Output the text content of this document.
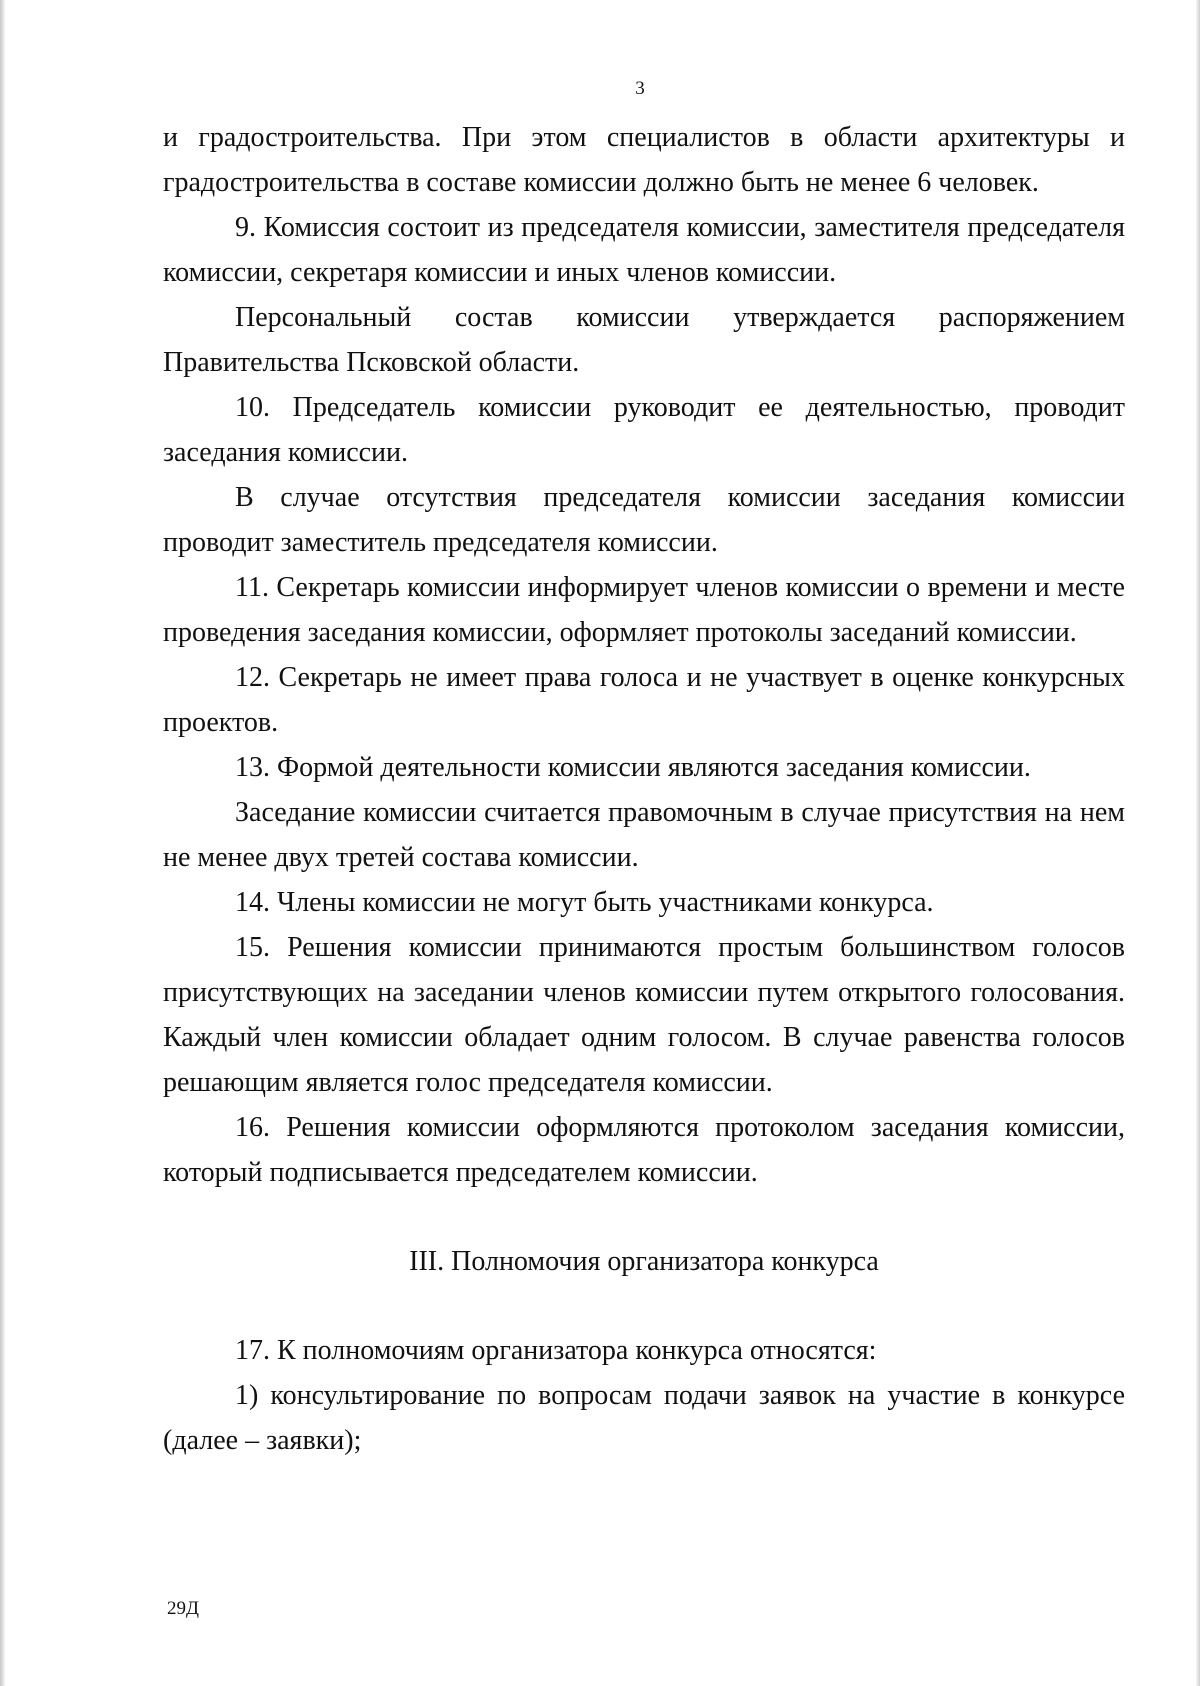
3

и градостроительства. При этом специалистов в области архитектуры и градостроительства в составе комиссии должно быть не менее 6 человек.

9. Комиссия состоит из председателя комиссии, заместителя председателя комиссии, секретаря комиссии и иных членов комиссии.

Персональный состав комиссии утверждается распоряжением Правительства Псковской области.

10. Председатель комиссии руководит ее деятельностью, проводит заседания комиссии.

В случае отсутствия председателя комиссии заседания комиссии проводит заместитель председателя комиссии.

11. Секретарь комиссии информирует членов комиссии о времени и месте проведения заседания комиссии, оформляет протоколы заседаний комиссии.

12. Секретарь не имеет права голоса и не участвует в оценке конкурсных проектов.

13. Формой деятельности комиссии являются заседания комиссии.

Заседание комиссии считается правомочным в случае присутствия на нем не менее двух третей состава комиссии.

14. Члены комиссии не могут быть участниками конкурса.

15. Решения комиссии принимаются простым большинством голосов присутствующих на заседании членов комиссии путем открытого голосования. Каждый член комиссии обладает одним голосом. В случае равенства голосов решающим является голос председателя комиссии.

16. Решения комиссии оформляются протоколом заседания комиссии, который подписывается председателем комиссии.

III. Полномочия организатора конкурса

17. К полномочиям организатора конкурса относятся:

1) консультирование по вопросам подачи заявок на участие в конкурсе (далее – заявки);

29Д
